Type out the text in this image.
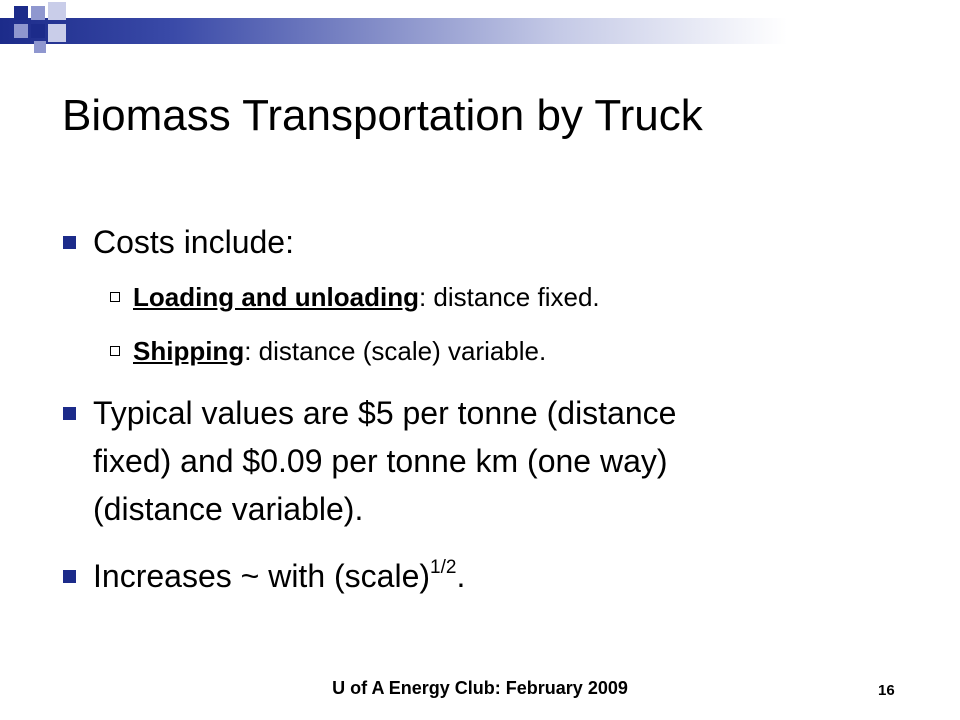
Biomass Transportation by Truck
Costs include:
Loading and unloading: distance fixed.
Shipping: distance (scale) variable.
Typical values are $5 per tonne (distance
fixed) and $0.09 per tonne km (one way)
(distance variable).
Increases ~ with (scale)$^{1/2}$.
U of A Energy Club: February 2009	16
